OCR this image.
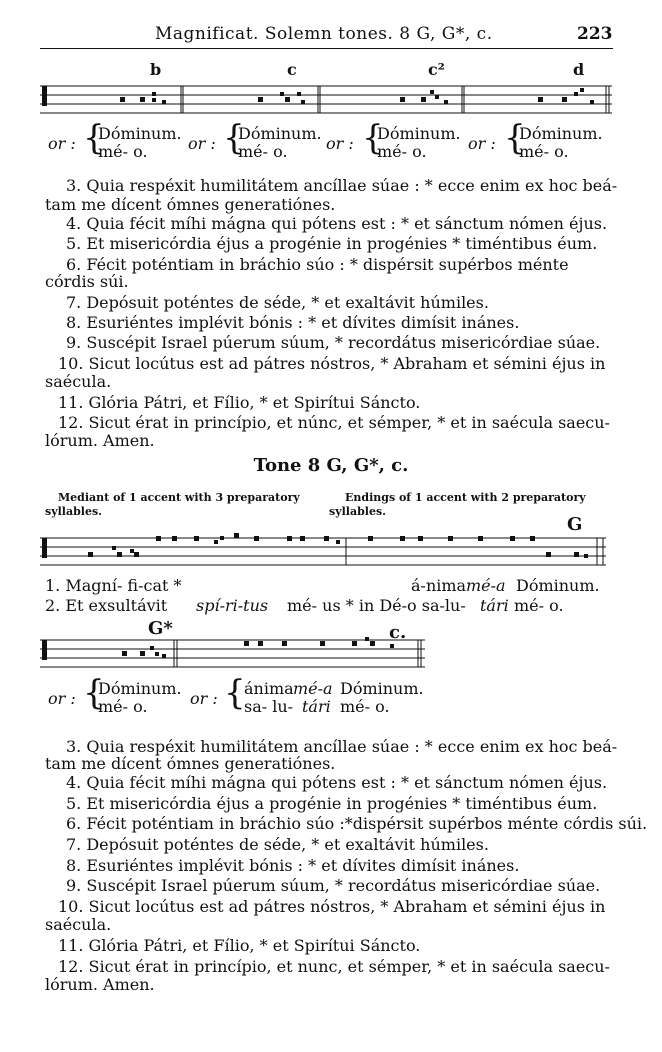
Magnificat. Solemn tones. 8 G, G*, c.	223
b	c	c²	d
or : {
Dóminum.
mé- o.	or : {
Dóminum.
mé- o. or : {
Dóminum.
mé- o.	or : {
Dóminum.
mé- o.
3. Quia respéxit humilitátem ancíllae súae : * ecce enim ex hoc beá-
tam me dícent ómnes generatiónes.
4. Quia fécit míhi mágna qui pótens est : * et sánctum nómen éjus.
5. Et misericórdia éjus a progénie in progénies * timéntibus éum.
6. Fécit poténtiam in bráchio súo : * dispérsit supérbos ménte
córdis súi.
7. Depósuit poténtes de séde, * et exaltávit húmiles.
8. Esuriéntes implévit bónis : * et dívites dimísit inánes.
9. Suscépit Israel púerum súum, * recordátus misericórdiae súae.
10. Sicut locútus est ad pátres nóstros, * Abraham et sémini éjus in
saécula.
11. Glória Pátri, et Fílio, * et Spirítui Sáncto.
12. Sicut érat in princípio, et núnc, et sémper, * et in saécula saecu-
lórum. Amen.
Tone 8 G, G*, c.
Mediant of 1 accent with 3 preparatory
syllables.
Endings of 1 accent with 2 preparatory
syllables.
G
1. Magní- fi-cat *	á-nima mé-a Dóminum.
2. Et exsultávit spí-ri-tus mé- us * in Dé-o sa-lu- tári mé- o.
G*	c.
or : {
Dóminum.
mé- o.	or : {
ánima mé-a Dóminum.
sa- lu- tári mé- o.
3. Quia respéxit humilitátem ancíllae súae : * ecce enim ex hoc beá-
tam me dícent ómnes generatiónes.
4. Quia fécit míhi mágna qui pótens est : * et sánctum nómen éjus.
5. Et misericórdia éjus a progénie in progénies * timéntibus éum.
6. Fécit poténtiam in bráchio súo :*dispérsit supérbos ménte córdis súi.
7. Depósuit poténtes de séde, * et exaltávit húmiles.
8. Esuriéntes implévit bónis : * et dívites dimísit inánes.
9. Suscépit Israel púerum súum, * recordátus misericórdiae súae.
10. Sicut locútus est ad pátres nóstros, * Abraham et sémini éjus in
saécula.
11. Glória Pátri, et Fílio, * et Spirítui Sáncto.
12. Sicut érat in princípio, et nunc, et sémper, * et in saécula saecu-
lórum. Amen.
